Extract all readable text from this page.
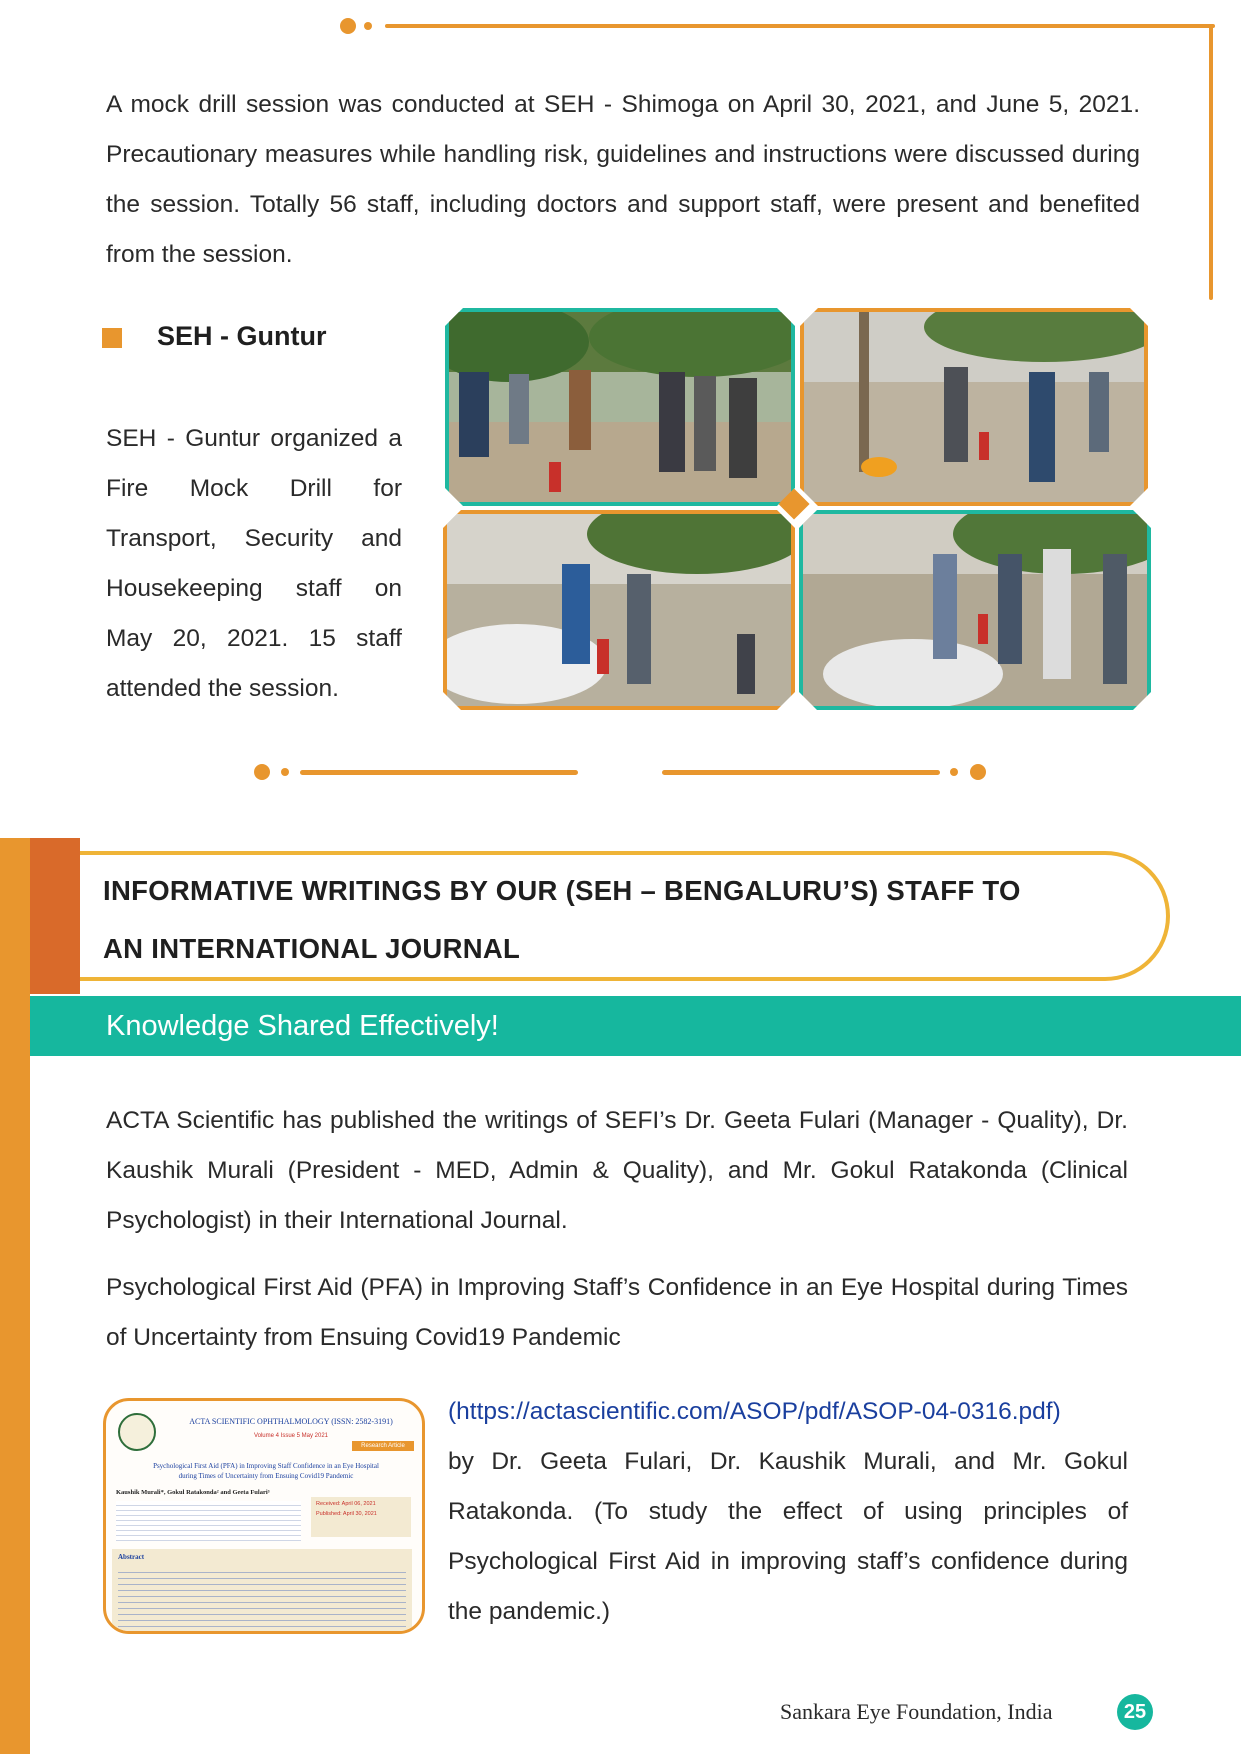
A mock drill session was conducted at SEH - Shimoga on April 30, 2021, and June 5, 2021. Precautionary measures while handling risk, guidelines and instructions were discussed during the session. Totally 56 staff, including doctors and support staff, were present and benefited from the session.

SEH - Guntur

SEH - Guntur organized a Fire Mock Drill for Transport, Security and Housekeeping staff on May 20, 2021. 15 staff attended the session.

INFORMATIVE WRITINGS BY OUR (SEH – BENGALURU’S) STAFF TO
AN INTERNATIONAL JOURNAL
Knowledge Shared Effectively!

ACTA Scientific has published the writings of SEFI’s Dr. Geeta Fulari (Manager - Quality), Dr. Kaushik Murali (President - MED, Admin & Quality), and Mr. Gokul Ratakonda (Clinical Psychologist) in their International Journal.

Psychological First Aid (PFA) in Improving Staff’s Confidence in an Eye Hospital during Times of Uncertainty from Ensuing Covid19 Pandemic

ACTA SCIENTIFIC OPHTHALMOLOGY (ISSN: 2582-3191)
Volume 4 Issue 5 May 2021
Research Article
Psychological First Aid (PFA) in Improving Staff Confidence in an Eye Hospital during Times of Uncertainty from Ensuing Covid19 Pandemic
Kaushik Murali*, Gokul Ratakonda² and Geeta Fulari³
Received: April 06, 2021
Published: April 30, 2021
Abstract
(https://actascientific.com/ASOP/pdf/ASOP-04-0316.pdf)

by Dr. Geeta Fulari, Dr. Kaushik Murali, and Mr. Gokul Ratakonda. (To study the effect of using principles of Psychological First Aid in improving staff’s confidence during the pandemic.)

Sankara Eye Foundation, India	25
